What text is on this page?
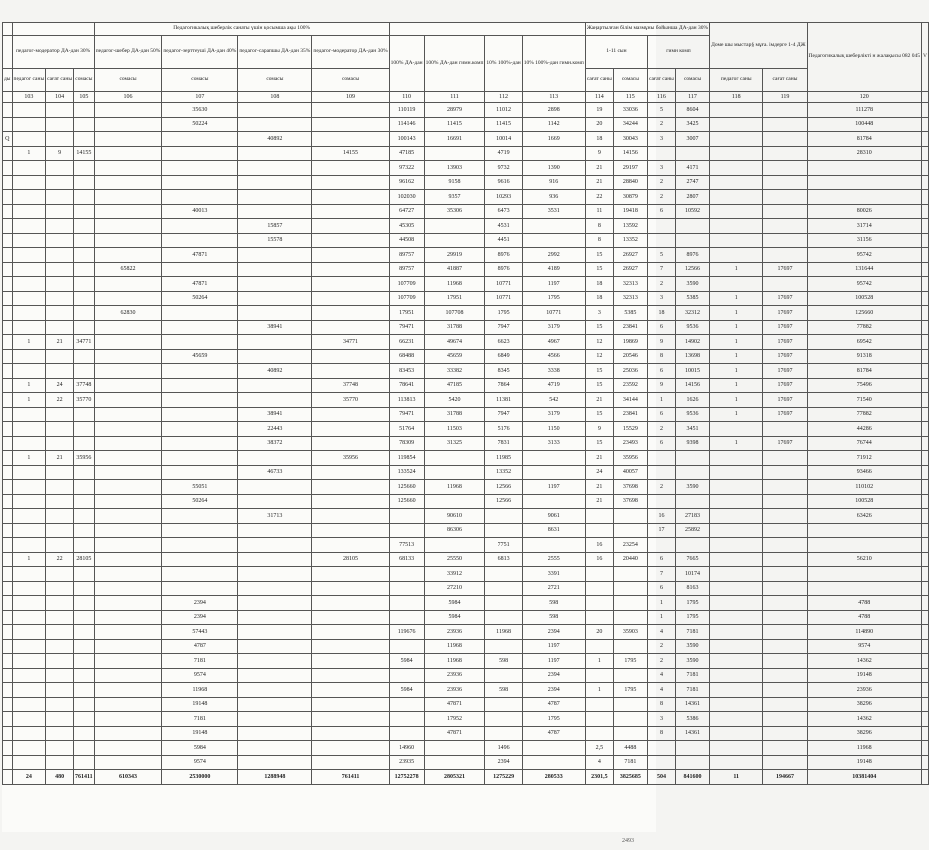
				Педагогикалық шеберлік санаты үшін қосымша ақы 100%								Жаңартылған білім мазмұны бойынша ДА-дан 30%				Доме шы мыстар§ мұға. імдерге 1-4 ДЖ		Педагогикалық шеберлікті н жалақысы 082 045	V
	педагог-модератор ДА-дан 30%			педагог-шебер ДА-дан 50%	педагог-зерттеуші ДА-дан 40%	педагог-сарапшы ДА-дан 35%	педагог-модератор ДА-дан 30%	100% ДА-дан	100% ДА-дан гимн.комп	10% 100%-дан	10% 100%-дан гимн.комп	1-11 сын		гимн комп					
ды	педагог саны	сағат саны	сомасы	сомасы	сомасы	сомасы	сомасы					сағат саны	сомасы	сағат саны	сомасы	педагог саны	сағат саны		
	103	104	105	106	107	108	109	110	111	112	113	114	115	116	117	118	119	120	
					35630			110119	28979	11012	2898	19	33036	5	8604			111278	
					50224			114146	11415	11415	1142	20	34244	2	3425			100448	
Q						40892		100143	16691	10014	1669	18	30043	3	3007			81784	
	1	9	14155				14155	47185		4719		9	14156					28310	
								97322	13903	9732	1390	21	29197	3	4171				
								96162	9158	9616	916	21	28840	2	2747				
								102030	9357	10293	936	22	30879	2	2807				
					40013			64727	35306	6473	3531	11	19418	6	10592			80026	
						15857		45305		4531		8	13592					31714	
						15578		44508		4451		8	13352					31156	
					47871			89757	29919	8976	2992	15	26927	5	8976			95742	
				65822				89757	41887	8976	4189	15	26927	7	12566	1	17697	131644	
					47871			107709	11968	10771	1197	18	32313	2	3590			95742	
					50264			107709	17951	10771	1795	18	32313	3	5385	1	17697	100528	
				62830				17951	107708	1795	10771	3	5385	18	32312	1	17697	125660	
						38941		79471	31788	7947	3179	15	23841	6	9536	1	17697	77882	
	1	21	34771				34771	66231	49674	6623	4967	12	19869	9	14902	1	17697	69542	
					45659			68488	45659	6849	4566	12	20546	8	13698	1	17697	91318	
						40892		83453	33382	8345	3338	15	25036	6	10015	1	17697	81784	
	1	24	37748				37748	78641	47185	7864	4719	15	23592	9	14156	1	17697	75496	
	1	22	35770				35770	113813	5420	11381	542	21	34144	1	1626	1	17697	71540	
						38941		79471	31788	7947	3179	15	23841	6	9536	1	17697	77882	
						22443		51764	11503	5176	1150	9	15529	2	3451			44286	
						38372		78309	31325	7831	3133	15	23493	6	9398	1	17697	76744	
	1	21	35956				35956	119854		11985		21	35956					71912	
						46733		133524		13352		24	40057					93466	
					55051			125660	11968	12566	1197	21	37698	2	3590			110102	
					50264			125660		12566		21	37698					100528	
						31713			90610		9061			16	27183			63426	
									86306		8631			17	25892				
								77513		7751		16	23254						
	1	22	28105				28105	68133	25550	6813	2555	16	20440	6	7665			56210	
									33912		3391			7	10174				
									27210		2721			6	8163				
					2394				5984		598			1	1795			4788	
					2394				5984		598			1	1795			4788	
					57443			119676	23936	11968	2394	20	35903	4	7181			114890	
					4787				11968		1197			2	3590			9574	
					7181			5984	11968	598	1197	1	1795	2	3590			14362	
					9574				23936		2394			4	7181			19148	
					11968			5984	23936	598	2394	1	1795	4	7181			23936	
					19148				47871		4787			8	14361			38296	
					7181				17952		1795			3	5386			14362	
					19148				47871		4787			8	14361			38296	
					5984			14960		1496		2,5	4488					11968	
					9574			23935		2394		4	7181					19148	
	24	480	761411	610343	2530000	1288948	761411	12752278	2805321	1275229	280533	2301,5	3825685	504	841600	11	194667	10381404	
2493
